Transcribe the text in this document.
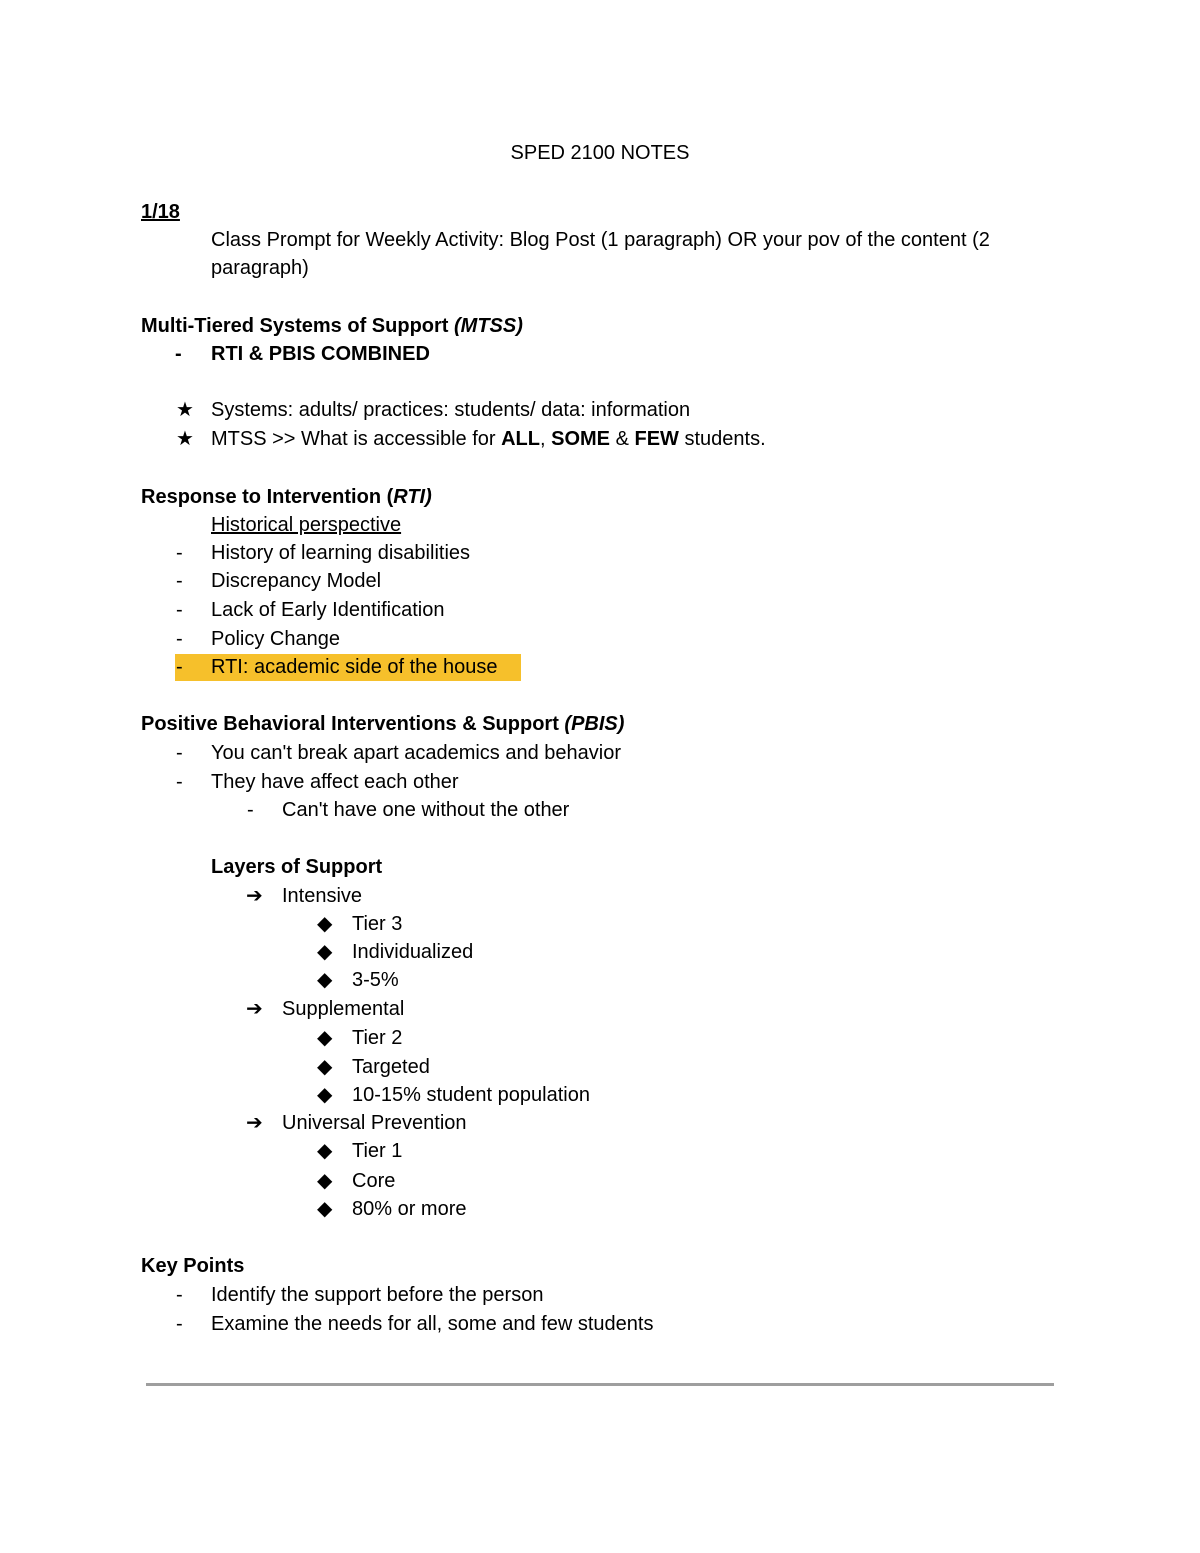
SPED 2100 NOTES
1/18
Class Prompt for Weekly Activity: Blog Post (1 paragraph) OR your pov of the content (2
paragraph)
Multi-Tiered Systems of Support (MTSS)
- RTI & PBIS COMBINED
★ Systems: adults/ practices: students/ data: information
★ MTSS >> What is accessible for ALL, SOME & FEW students.
Response to Intervention (RTI)
Historical perspective
- History of learning disabilities
- Discrepancy Model
- Lack of Early Identification
- Policy Change
- RTI: academic side of the house
Positive Behavioral Interventions & Support (PBIS)
- You can't break apart academics and behavior
- They have affect each other
- Can't have one without the other
Layers of Support
➔ Intensive
◆ Tier 3
◆ Individualized
◆ 3-5%
➔ Supplemental
◆ Tier 2
◆ Targeted
◆ 10-15% student population
➔ Universal Prevention
◆ Tier 1
◆ Core
◆ 80% or more
Key Points
- Identify the support before the person
- Examine the needs for all, some and few students
